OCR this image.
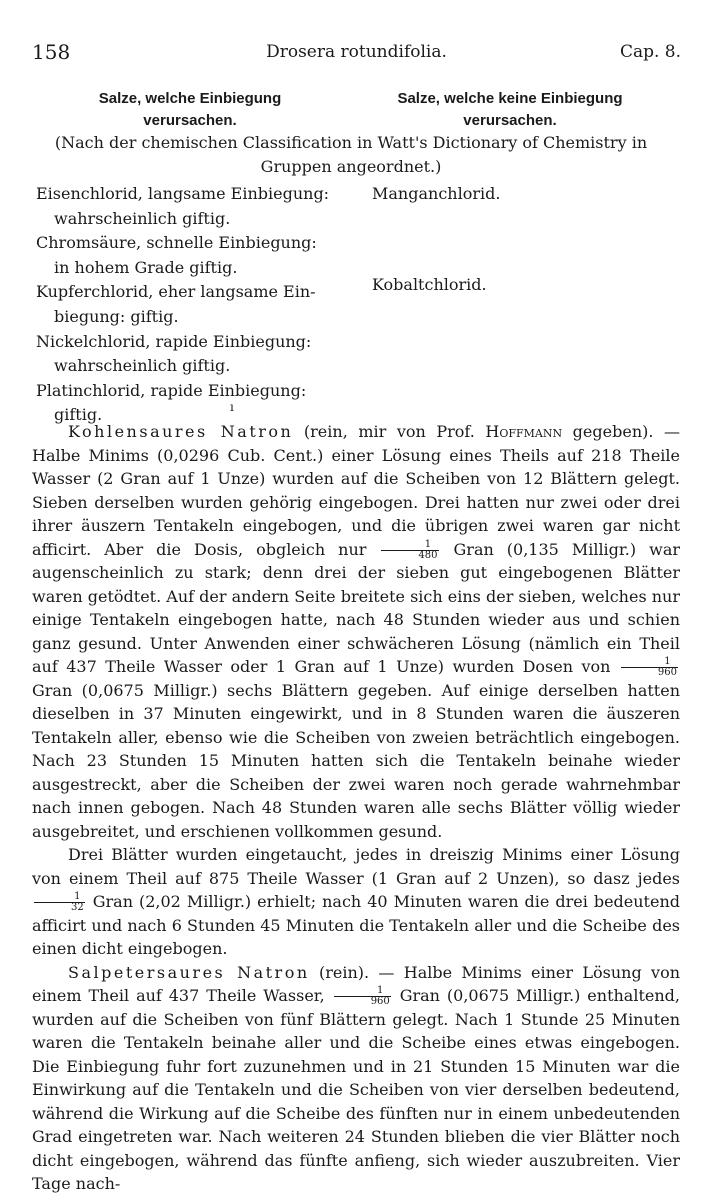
158	Drosera rotundifolia.	Cap. 8.
Salze, welche Einbiegung verursachen.
Salze, welche keine Einbiegung verursachen.
(Nach der chemischen Classification in Watt's Dictionary of Chemistry in Gruppen angeordnet.)
Eisenchlorid, langsame Einbiegung:
wahrscheinlich giftig.
Chromsäure, schnelle Einbiegung:
in hohem Grade giftig.
Kupferchlorid, eher langsame Ein-
biegung: giftig.
Nickelchlorid, rapide Einbiegung:
wahrscheinlich giftig.
Platinchlorid, rapide Einbiegung:
giftig.
Manganchlorid.
Kobaltchlorid.
ı

Kohlensaures Natron (rein, mir von Prof. Hoffmann gegeben). — Halbe Minims (0,0296 Cub. Cent.) einer Lösung eines Theils auf 218 Theile Wasser (2 Gran auf 1 Unze) wurden auf die Scheiben von 12 Blättern gelegt. Sieben derselben wurden gehörig eingebogen. Drei hatten nur zwei oder drei ihrer äuszern Tentakeln eingebogen, und die übrigen zwei waren gar nicht afficirt. Aber die Dosis, obgleich nur $\frac{1}{480}$ Gran (0,135 Milligr.) war augenscheinlich zu stark; denn drei der sieben gut eingebogenen Blätter waren getödtet. Auf der andern Seite breitete sich eins der sieben, welches nur einige Tentakeln eingebogen hatte, nach 48 Stunden wieder aus und schien ganz gesund. Unter Anwenden einer schwächeren Lösung (nämlich ein Theil auf 437 Theile Wasser oder 1 Gran auf 1 Unze) wurden Dosen von $\frac{1}{960}$
Gran (0,0675 Milligr.) sechs Blättern gegeben. Auf einige derselben hatten dieselben in 37 Minuten eingewirkt, und in 8 Stunden waren die äuszeren Tentakeln aller, ebenso wie die Scheiben von zweien beträchtlich eingebogen. Nach 23 Stunden 15 Minuten hatten sich die Tentakeln beinahe wieder ausgestreckt, aber die Scheiben der zwei waren noch gerade wahrnehmbar nach innen gebogen. Nach 48 Stunden waren alle sechs Blätter völlig wieder ausgebreitet, und erschienen vollkommen gesund.

Drei Blätter wurden eingetaucht, jedes in dreiszig Minims einer Lösung von einem Theil auf 875 Theile Wasser (1 Gran auf 2 Unzen), so dasz jedes
$\frac{1}{32}$ Gran (2,02 Milligr.) erhielt; nach 40 Minuten waren die drei bedeutend afficirt und nach 6 Stunden 45 Minuten die Tentakeln aller und die Scheibe des einen dicht eingebogen.

Salpetersaures Natron (rein). — Halbe Minims einer Lösung von einem Theil auf 437 Theile Wasser, $\frac{1}{960}$ Gran (0,0675 Milligr.) enthaltend, wurden auf die Scheiben von fünf Blättern gelegt. Nach 1 Stunde 25 Minuten waren die Tentakeln beinahe aller und die Scheibe eines etwas eingebogen. Die Einbiegung fuhr fort zuzunehmen und in 21 Stunden 15 Minuten war die Einwirkung auf die Tentakeln und die Scheiben von vier derselben bedeutend, während die Wirkung auf die Scheibe des fünften nur in einem unbedeutenden Grad eingetreten war. Nach weiteren 24 Stunden blieben die vier Blätter noch dicht eingebogen, während das fünfte anfieng, sich wieder auszubreiten. Vier Tage nach-
